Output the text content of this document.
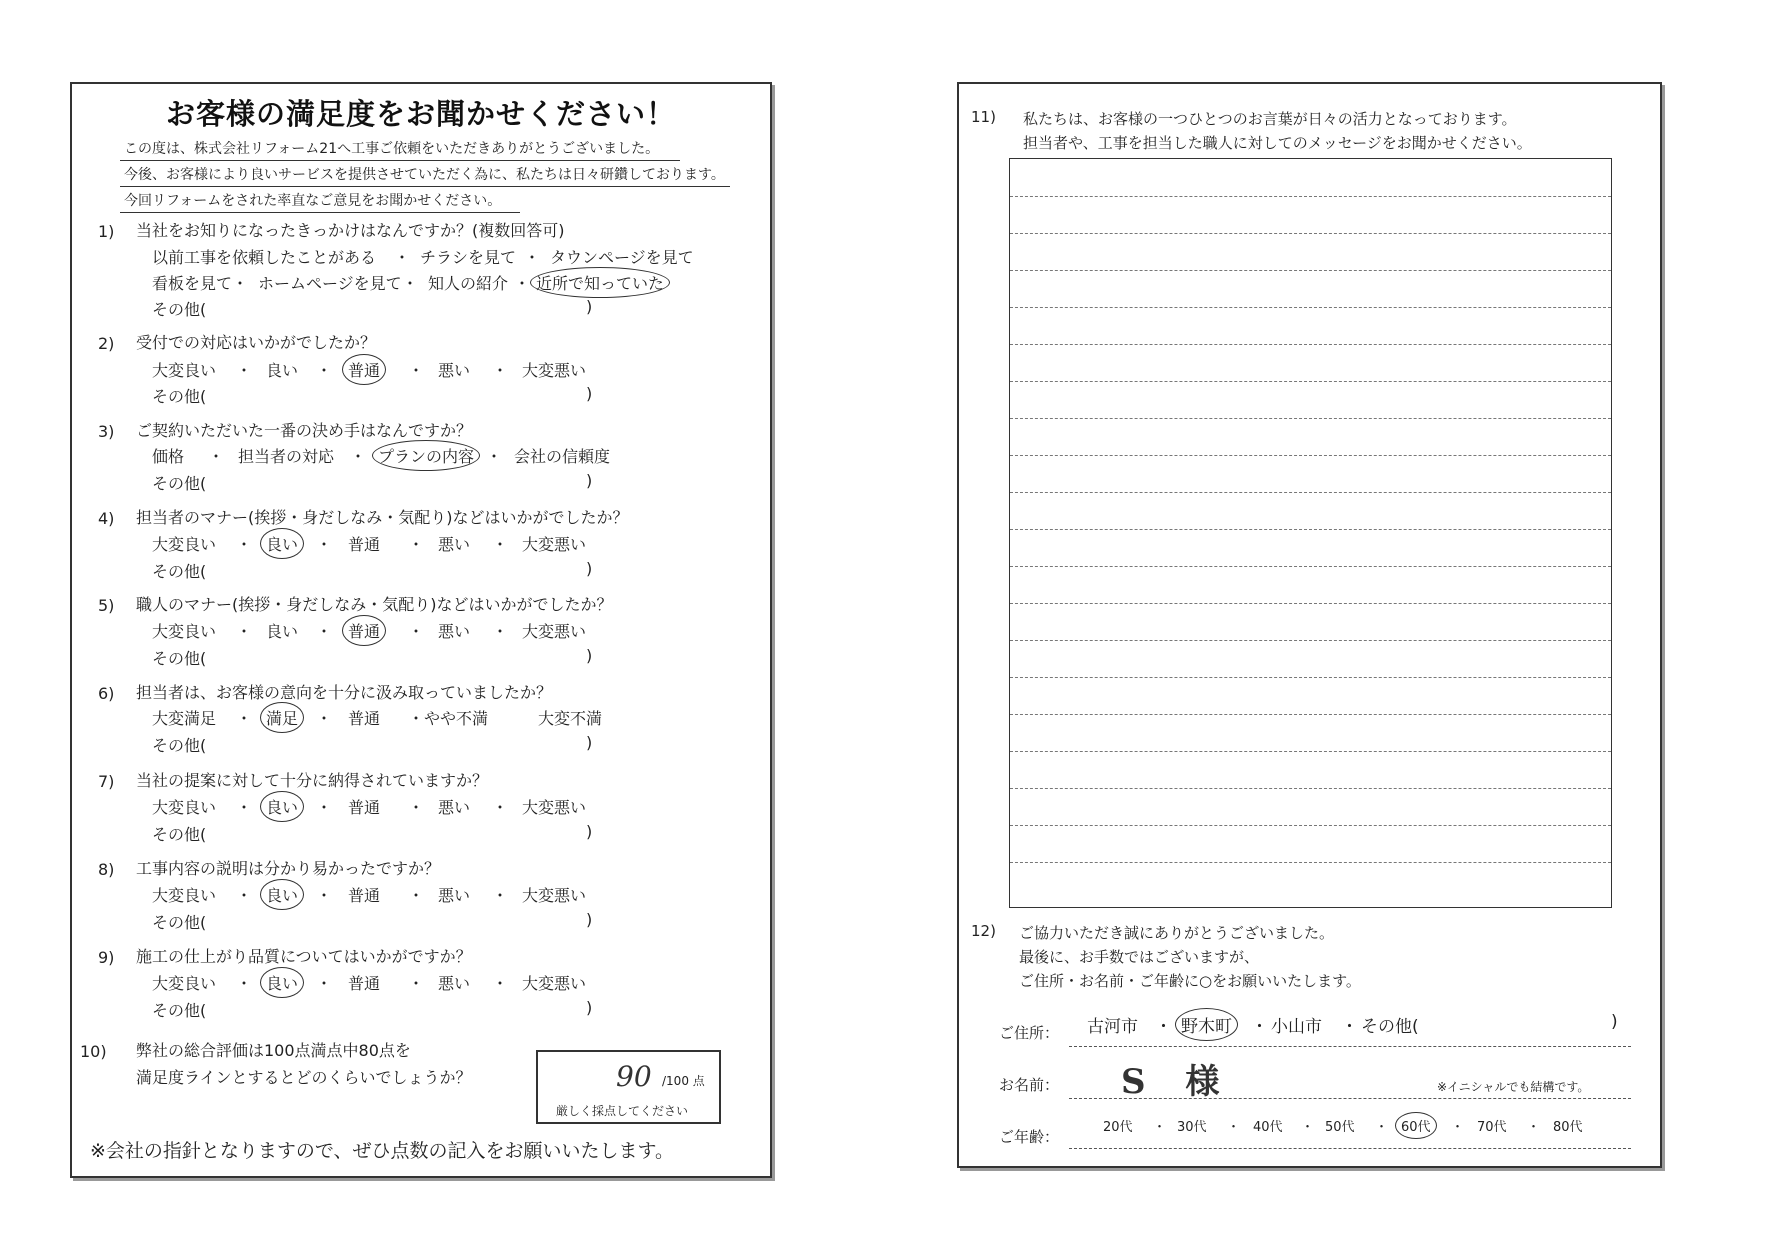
お客様の満足度をお聞かせください！
この度は、株式会社リフォーム21へ工事ご依頼をいただきありがとうございました。
今後、お客様により良いサービスを提供させていただく為に、私たちは日々研鑽しております。
今回リフォームをされた率直なご意見をお聞かせください。
1) 当社をお知りになったきっかけはなんですか？(複数回答可)
以前工事を依頼したことがある ・ チラシを見て ・ タウンページを見て
看板を見て ・ ホームページを見て ・ 知人の紹介 ・ 近所で知っていた
その他(	)
2) 受付での対応はいかがでしたか？
大変良い ・ 良い ・ 普通 ・ 悪い ・ 大変悪い
その他(	)
3) ご契約いただいた一番の決め手はなんですか？
価格 ・ 担当者の対応 ・ プランの内容 ・ 会社の信頼度
その他(	)
4) 担当者のマナー(挨拶・身だしなみ・気配り)などはいかがでしたか？
大変良い ・ 良い ・ 普通 ・ 悪い ・ 大変悪い
その他(	)
5) 職人のマナー(挨拶・身だしなみ・気配り)などはいかがでしたか？
大変良い ・ 良い ・ 普通 ・ 悪い ・ 大変悪い
その他(	)
6) 担当者は、お客様の意向を十分に汲み取っていましたか？
大変満足 ・ 満足 ・ 普通 ・ やや不満	大変不満
その他(	)
7) 当社の提案に対して十分に納得されていますか？
大変良い ・ 良い ・ 普通 ・ 悪い ・ 大変悪い
その他(	)
8) 工事内容の説明は分かり易かったですか？
大変良い ・ 良い ・ 普通 ・ 悪い ・ 大変悪い
その他(	)
9) 施工の仕上がり品質についてはいかがですか？
大変良い ・ 良い ・ 普通 ・ 悪い ・ 大変悪い
その他(	)
10) 弊社の総合評価は100点満点中80点を
満足度ラインとするとどのくらいでしょうか？	90 /100 点
厳しく採点してください
※会社の指針となりますので、ぜひ点数の記入をお願いいたします。
11) 私たちは、お客様の一つひとつのお言葉が日々の活力となっております。
担当者や、工事を担当した職人に対してのメッセージをお聞かせください。
12) ご協力いただき誠にありがとうございました。
最後に、お手数ではございますが、
ご住所・お名前・ご年齢に○をお願いいたします。
ご住所： 古河市 ・ 野木町 ・ 小山市 ・ その他(	)
お名前： S 様	※イニシャルでも結構です。
ご年齢：
20代 ・ 30代 ・ 40代 ・ 50代 ・ 60代 ・ 70代 ・ 80代
